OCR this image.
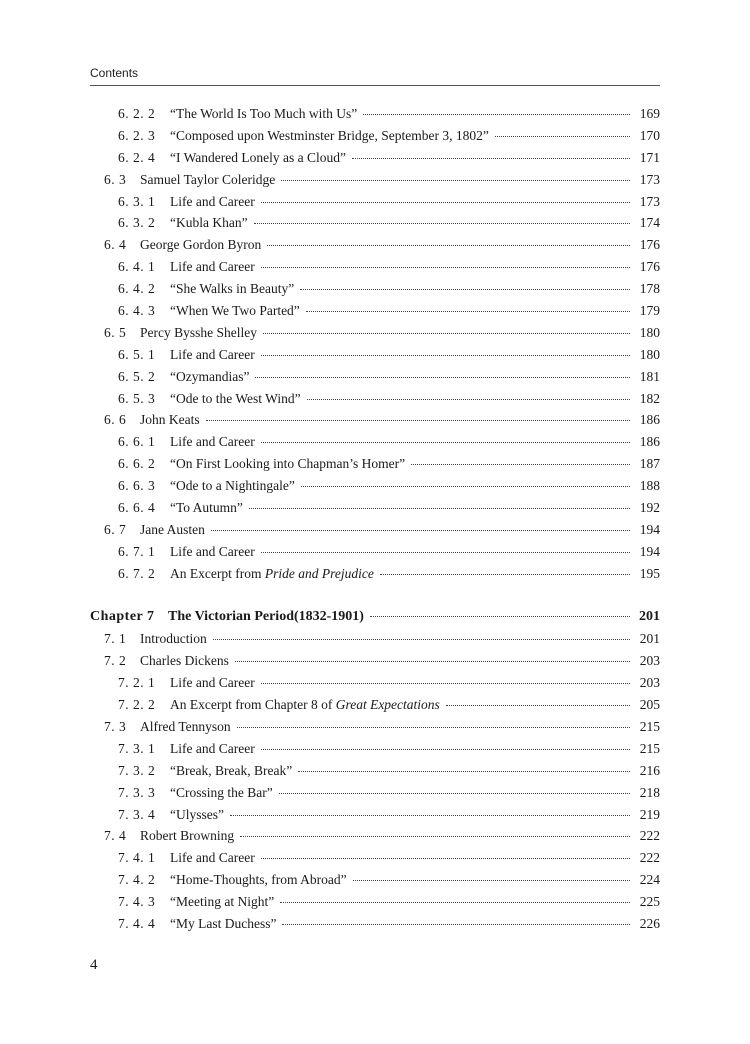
Contents
6. 2. 2	“The World Is Too Much with Us”	169
6. 2. 3	“Composed upon Westminster Bridge, September 3, 1802”	170
6. 2. 4	“I Wandered Lonely as a Cloud”	171
6. 3	Samuel Taylor Coleridge	173
6. 3. 1	Life and Career	173
6. 3. 2	“Kubla Khan”	174
6. 4	George Gordon Byron	176
6. 4. 1	Life and Career	176
6. 4. 2	“She Walks in Beauty”	178
6. 4. 3	“When We Two Parted”	179
6. 5	Percy Bysshe Shelley	180
6. 5. 1	Life and Career	180
6. 5. 2	“Ozymandias”	181
6. 5. 3	“Ode to the West Wind”	182
6. 6	John Keats	186
6. 6. 1	Life and Career	186
6. 6. 2	“On First Looking into Chapman’s Homer”	187
6. 6. 3	“Ode to a Nightingale”	188
6. 6. 4	“To Autumn”	192
6. 7	Jane Austen	194
6. 7. 1	Life and Career	194
6. 7. 2	An Excerpt from Pride and Prejudice	195
Chapter 7 The Victorian Period(1832-1901)	201
7. 1	Introduction	201
7. 2	Charles Dickens	203
7. 2. 1	Life and Career	203
7. 2. 2	An Excerpt from Chapter 8 of Great Expectations	205
7. 3	Alfred Tennyson	215
7. 3. 1	Life and Career	215
7. 3. 2	“Break, Break, Break”	216
7. 3. 3	“Crossing the Bar”	218
7. 3. 4	“Ulysses”	219
7. 4	Robert Browning	222
7. 4. 1	Life and Career	222
7. 4. 2	“Home-Thoughts, from Abroad”	224
7. 4. 3	“Meeting at Night”	225
7. 4. 4	“My Last Duchess”	226
4
